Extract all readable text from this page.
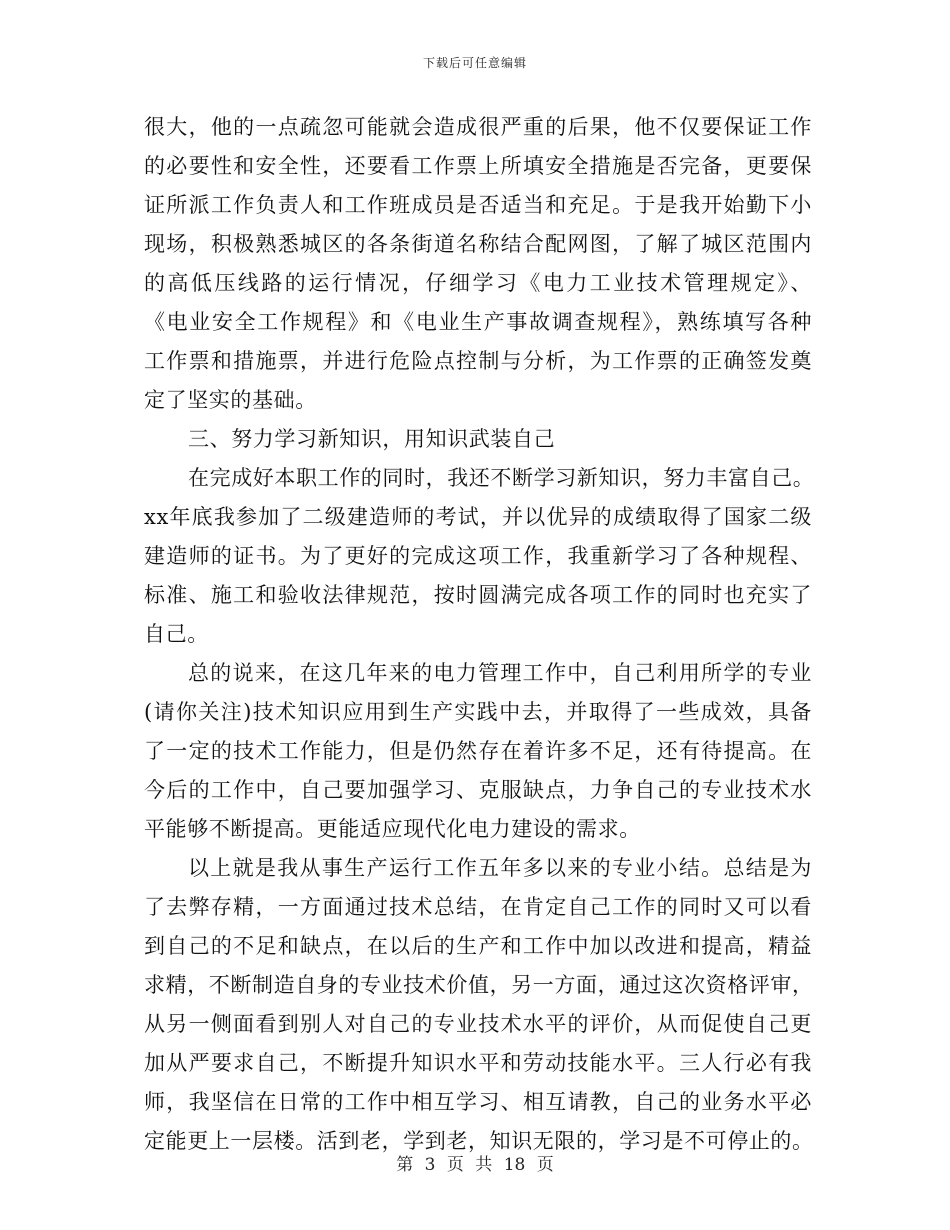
下载后可任意编辑
很大，他的一点疏忽可能就会造成很严重的后果，他不仅要保证工作
的必要性和安全性，还要看工作票上所填安全措施是否完备，更要保
证所派工作负责人和工作班成员是否适当和充足。于是我开始勤下小
现场，积极熟悉城区的各条街道名称结合配网图，了解了城区范围内
的高低压线路的运行情况，仔细学习《电力工业技术管理规定》、
《电业安全工作规程》和《电业生产事故调查规程》，熟练填写各种
工作票和措施票，并进行危险点控制与分析，为工作票的正确签发奠
定了坚实的基础。
三、努力学习新知识，用知识武装自己
在完成好本职工作的同时，我还不断学习新知识，努力丰富自己。
xx年底我参加了二级建造师的考试，并以优异的成绩取得了国家二级
建造师的证书。为了更好的完成这项工作，我重新学习了各种规程、
标准、施工和验收法律规范，按时圆满完成各项工作的同时也充实了
自己。
总的说来，在这几年来的电力管理工作中，自己利用所学的专业
(请你关注)技术知识应用到生产实践中去，并取得了一些成效，具备
了一定的技术工作能力，但是仍然存在着许多不足，还有待提高。在
今后的工作中，自己要加强学习、克服缺点，力争自己的专业技术水
平能够不断提高。更能适应现代化电力建设的需求。
以上就是我从事生产运行工作五年多以来的专业小结。总结是为
了去弊存精，一方面通过技术总结，在肯定自己工作的同时又可以看
到自己的不足和缺点，在以后的生产和工作中加以改进和提高，精益
求精，不断制造自身的专业技术价值，另一方面，通过这次资格评审，
从另一侧面看到别人对自己的专业技术水平的评价，从而促使自己更
加从严要求自己，不断提升知识水平和劳动技能水平。三人行必有我
师，我坚信在日常的工作中相互学习、相互请教，自己的业务水平必
定能更上一层楼。活到老，学到老，知识无限的，学习是不可停止的。
第 3 页 共 18 页
